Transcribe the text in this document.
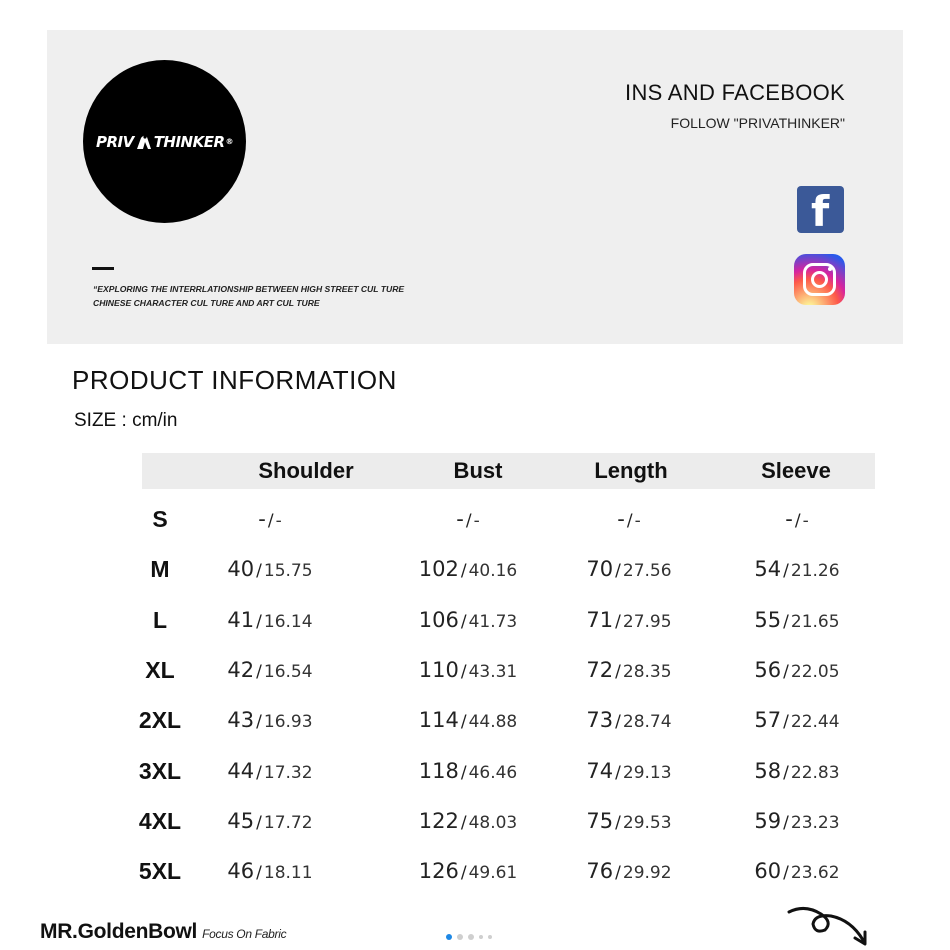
PRIV THINKER ®
“EXPLORING THE INTERRLATIONSHIP BETWEEN HIGH STREET CUL TURE
CHINESE CHARACTER CUL TURE AND ART CUL TURE
INS AND FACEBOOK
FOLLOW "PRIVATHINKER"
f
PRODUCT INFORMATION
SIZE : cm/in
Shoulder	Bust	Length	Sleeve
S	- / -	- / -	- / -	- / -
M	40 / 15.75	102 / 40.16	70 / 27.56	54 / 21.26
L	41 / 16.14	106 / 41.73	71 / 27.95	55 / 21.65
XL	42 / 16.54	110 / 43.31	72 / 28.35	56 / 22.05
2XL 43 / 16.93	114 / 44.88	73 / 28.74	57 / 22.44
3XL 44 / 17.32	118 / 46.46	74 / 29.13	58 / 22.83
4XL 45 / 17.72	122 / 48.03	75 / 29.53	59 / 23.23
5XL 46 / 18.11	126 / 49.61	76 / 29.92	60 / 23.62
MR.GoldenBowl Focus On Fabric
